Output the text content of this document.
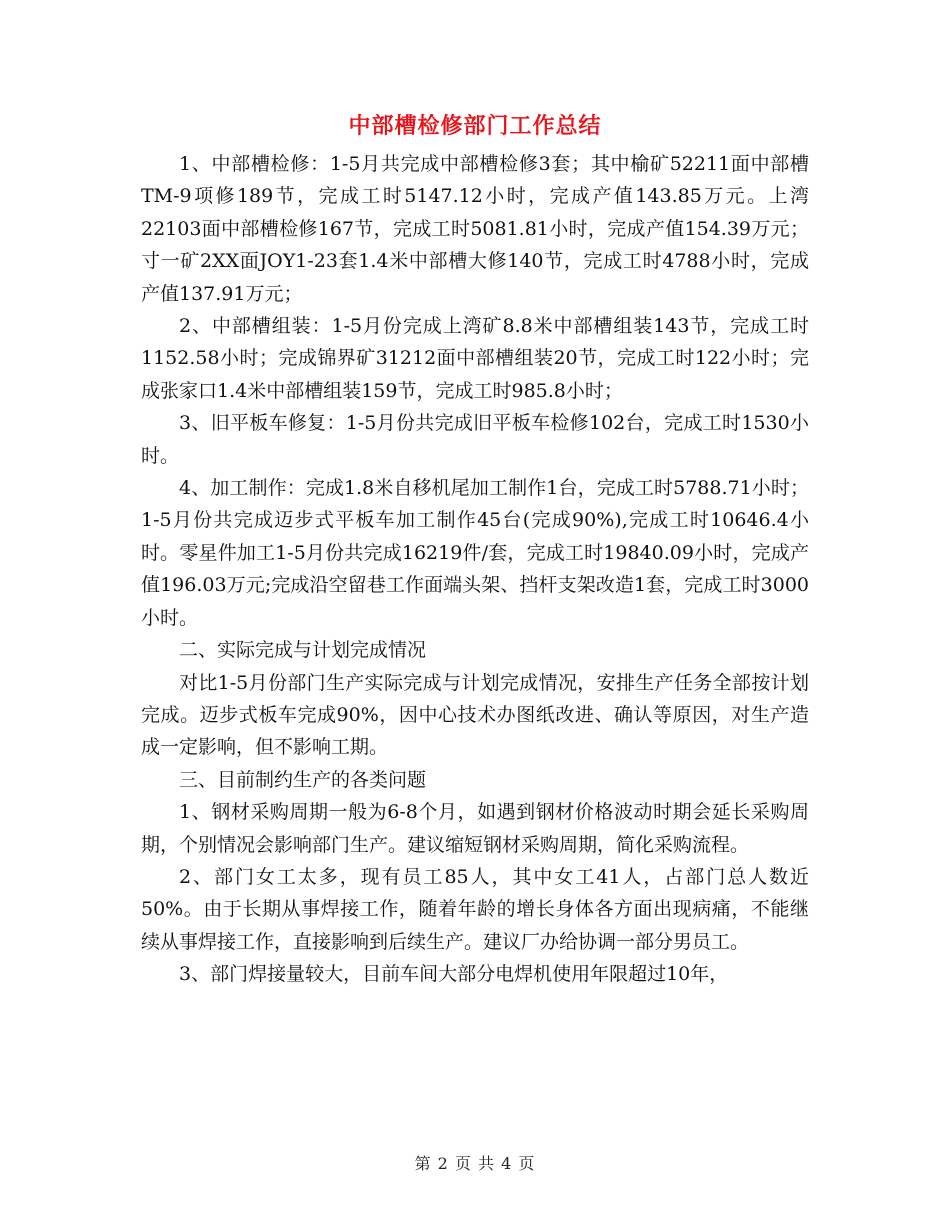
中部槽检修部门工作总结

1、中部槽检修：1-5月共完成中部槽检修3套；其中榆矿52211面中部槽TM-9项修189节，完成工时5147.12小时，完成产值143.85万元。上湾22103面中部槽检修167节，完成工时5081.81小时，完成产值154.39万元；寸一矿2XX面JOY1-23套1.4米中部槽大修140节，完成工时4788小时，完成产值137.91万元；

2、中部槽组装：1-5月份完成上湾矿8.8米中部槽组装143节，完成工时1152.58小时；完成锦界矿31212面中部槽组装20节，完成工时122小时；完成张家口1.4米中部槽组装159节，完成工时985.8小时；

3、旧平板车修复：1-5月份共完成旧平板车检修102台，完成工时1530小时。

4、加工制作：完成1.8米自移机尾加工制作1台，完成工时5788.71小时；1-5月份共完成迈步式平板车加工制作45台(完成90%),完成工时10646.4小时。零星件加工1-5月份共完成16219件/套，完成工时19840.09小时，完成产值196.03万元;完成沿空留巷工作面端头架、挡杆支架改造1套，完成工时3000小时。

二、实际完成与计划完成情况

对比1-5月份部门生产实际完成与计划完成情况，安排生产任务全部按计划完成。迈步式板车完成90%，因中心技术办图纸改进、确认等原因，对生产造成一定影响，但不影响工期。

三、目前制约生产的各类问题

1、钢材采购周期一般为6-8个月，如遇到钢材价格波动时期会延长采购周期，个别情况会影响部门生产。建议缩短钢材采购周期，简化采购流程。

2、部门女工太多，现有员工85人，其中女工41人，占部门总人数近50%。由于长期从事焊接工作，随着年龄的增长身体各方面出现病痛，不能继续从事焊接工作，直接影响到后续生产。建议厂办给协调一部分男员工。

3、部门焊接量较大，目前车间大部分电焊机使用年限超过10年，

第 2 页 共 4 页
